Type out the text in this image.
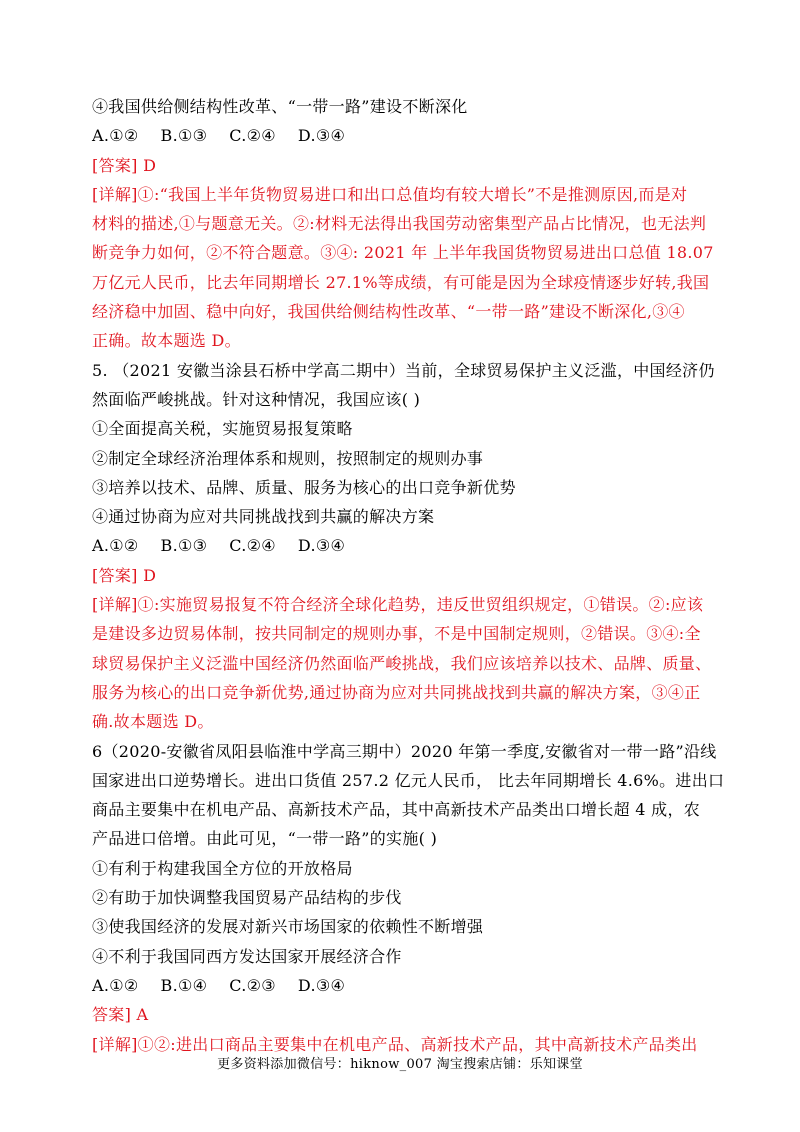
④我国供给侧结构性改革、“一带一路”建设不断深化
A.①② B.①③ C.②④ D.③④
[答案] D
[详解]①:“我国上半年货物贸易进口和出口总值均有较大增长”不是推测原因,而是对
材料的描述,①与题意无关。②:材料无法得出我国劳动密集型产品占比情况，也无法判
断竞争力如何，②不符合题意。③④: 2021 年 上半年我国货物贸易进出口总值 18.07
万亿元人民币，比去年同期增长 27.1%等成绩，有可能是因为全球疫情逐步好转,我国
经济稳中加固、稳中向好，我国供给侧结构性改革、“一带一路”建设不断深化,③④
正确。故本题选 D。
5. （2021 安徽当涂县石桥中学高二期中）当前，全球贸易保护主义泛滥，中国经济仍
然面临严峻挑战。针对这种情况，我国应该( )
①全面提高关税，实施贸易报复策略
②制定全球经济治理体系和规则，按照制定的规则办事
③培养以技术、品牌、质量、服务为核心的出口竞争新优势
④通过协商为应对共同挑战找到共赢的解决方案
A.①② B.①③ C.②④ D.③④
[答案] D
[详解]①:实施贸易报复不符合经济全球化趋势，违反世贸组织规定，①错误。②:应该
是建设多边贸易体制，按共同制定的规则办事，不是中国制定规则，②错误。③④:全
球贸易保护主义泛滥中国经济仍然面临严峻挑战，我们应该培养以技术、品牌、质量、
服务为核心的出口竞争新优势,通过协商为应对共同挑战找到共赢的解决方案，③④正
确.故本题选 D。
6（2020-安徽省凤阳县临淮中学高三期中）2020 年第一季度,安徽省对一带一路”沿线
国家进出口逆势增长。进出口货值 257.2 亿元人民币， 比去年同期增长 4.6%。进出口
商品主要集中在机电产品、高新技术产品，其中高新技术产品类出口增长超 4 成，农
产品进口倍增。由此可见，“一带一路”的实施( )
①有利于构建我国全方位的开放格局
②有助于加快调整我国贸易产品结构的步伐
③使我国经济的发展对新兴市场国家的依赖性不断增强
④不利于我国同西方发达国家开展经济合作
A.①② B.①④ C.②③ D.③④
答案] A
[详解]①②:进出口商品主要集中在机电产品、高新技术产品，其中高新技术产品类出
更多资料添加微信号：hiknow_007 淘宝搜索店铺：乐知课堂
